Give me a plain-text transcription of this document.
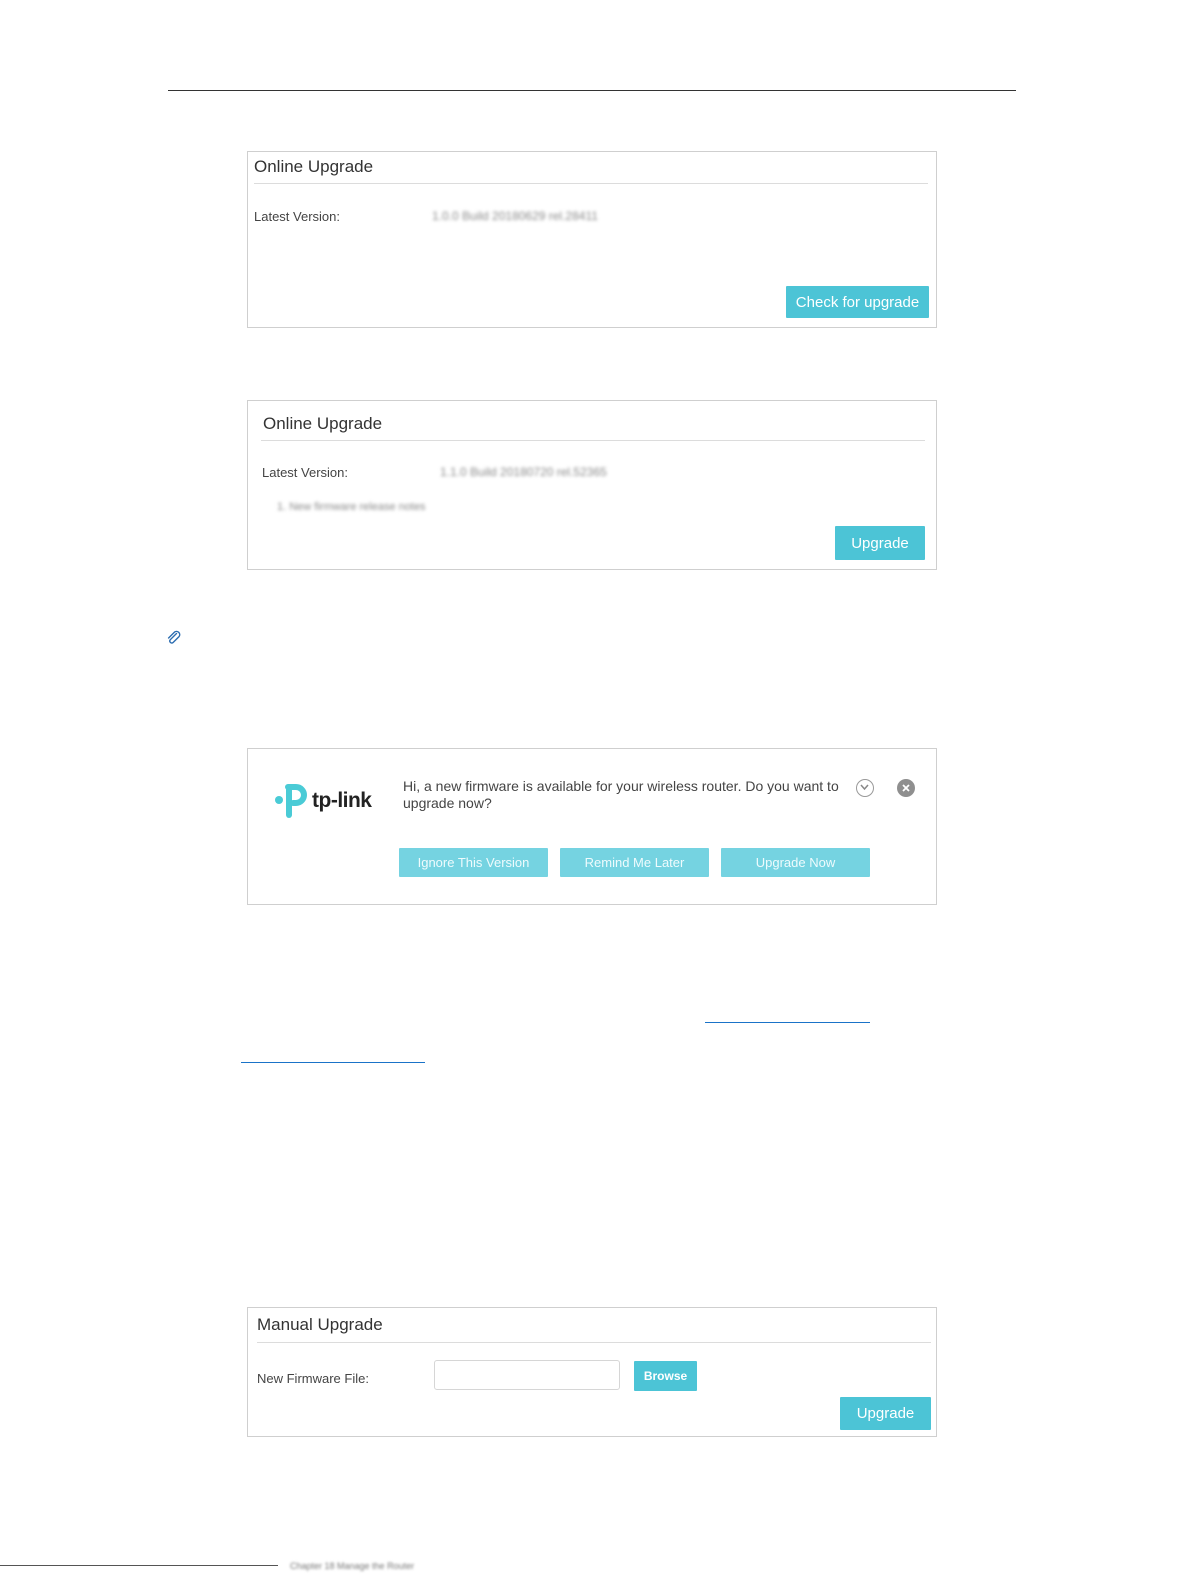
Online Upgrade
Latest Version:	1.0.0 Build 20180629 rel.28411
Check for upgrade
Online Upgrade
Latest Version:	1.1.0 Build 20180720 rel.52365
1. New firmware release notes
Upgrade
tp-link
Hi, a new firmware is available for your wireless router. Do you want to upgrade now?
Ignore This Version	Remind Me Later	Upgrade Now
Manual Upgrade
New Firmware File:	Browse
Upgrade
Chapter 18 Manage the Router
